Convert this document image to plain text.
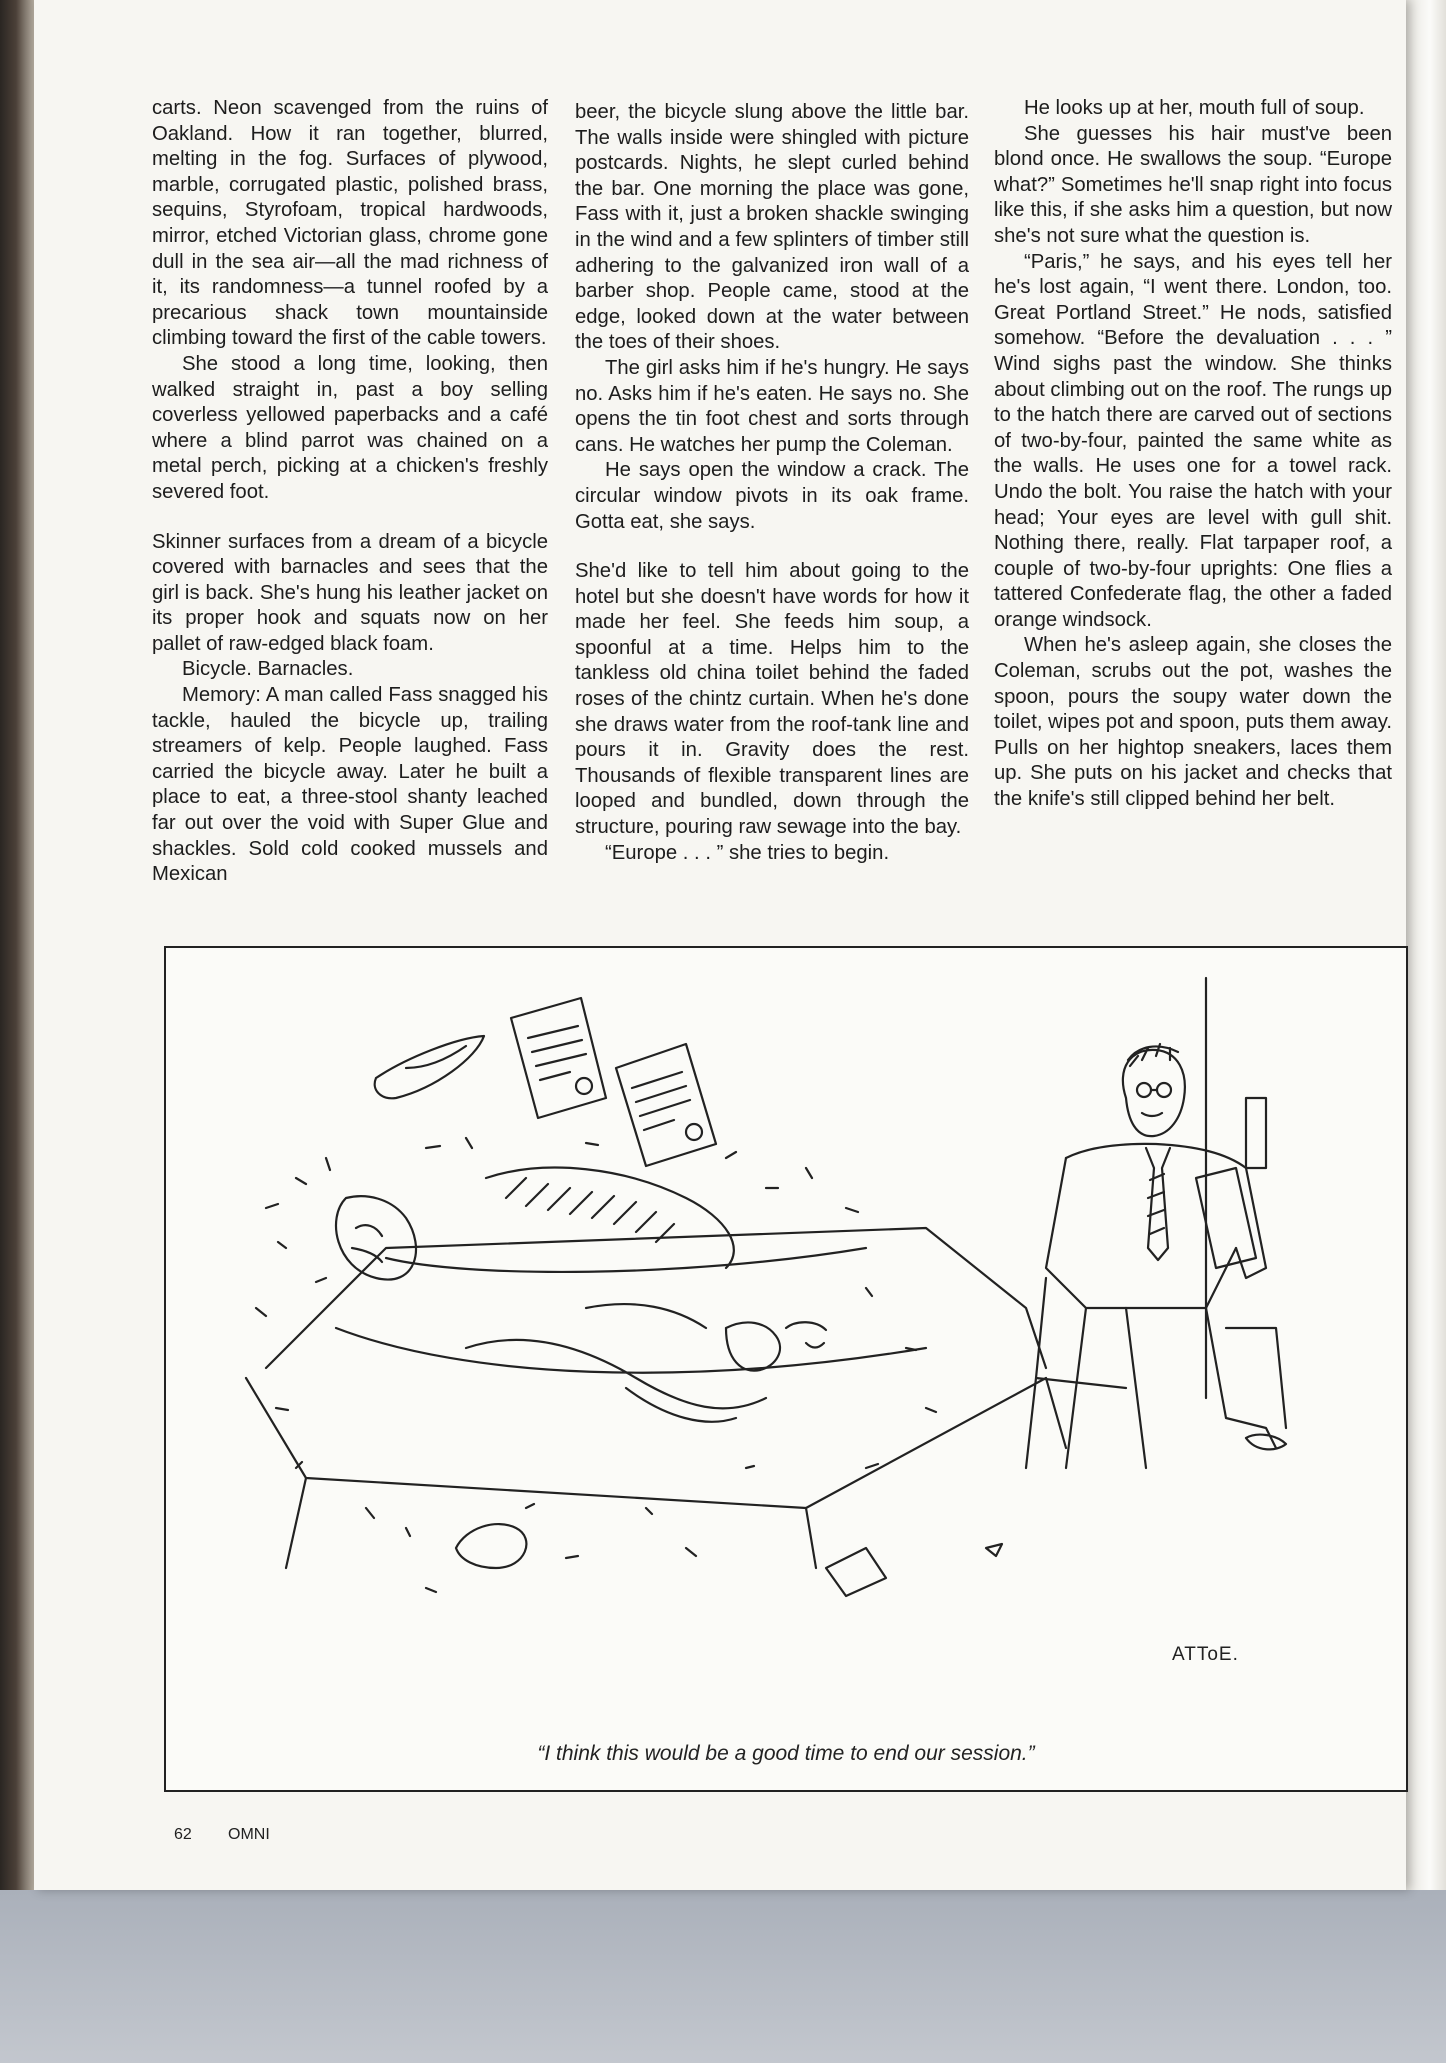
carts. Neon scavenged from the ruins of Oakland. How it ran together, blurred, melting in the fog. Surfaces of plywood, marble, corrugated plastic, polished brass, sequins, Styrofoam, tropical hardwoods, mirror, etched Victorian glass, chrome gone dull in the sea air—all the mad richness of it, its randomness—a tunnel roofed by a precarious shack town mountainside climbing toward the first of the cable towers.

She stood a long time, looking, then walked straight in, past a boy selling coverless yellowed paperbacks and a café where a blind parrot was chained on a metal perch, picking at a chicken's freshly severed foot.

Skinner surfaces from a dream of a bicycle covered with barnacles and sees that the girl is back. She's hung his leather jacket on its proper hook and squats now on her pallet of raw-edged black foam.

Bicycle. Barnacles.

Memory: A man called Fass snagged his tackle, hauled the bicycle up, trailing streamers of kelp. People laughed. Fass carried the bicycle away. Later he built a place to eat, a three-stool shanty leached far out over the void with Super Glue and shackles. Sold cold cooked mussels and Mexican

beer, the bicycle slung above the little bar. The walls inside were shingled with picture postcards. Nights, he slept curled behind the bar. One morning the place was gone, Fass with it, just a broken shackle swinging in the wind and a few splinters of timber still adhering to the galvanized iron wall of a barber shop. People came, stood at the edge, looked down at the water between the toes of their shoes.

The girl asks him if he's hungry. He says no. Asks him if he's eaten. He says no. She opens the tin foot chest and sorts through cans. He watches her pump the Coleman.

He says open the window a crack. The circular window pivots in its oak frame. Gotta eat, she says.

She'd like to tell him about going to the hotel but she doesn't have words for how it made her feel. She feeds him soup, a spoonful at a time. Helps him to the tankless old china toilet behind the faded roses of the chintz curtain. When he's done she draws water from the roof-tank line and pours it in. Gravity does the rest. Thousands of flexible transparent lines are looped and bundled, down through the structure, pouring raw sewage into the bay.

“Europe . . . ” she tries to begin.

He looks up at her, mouth full of soup.

She guesses his hair must've been blond once. He swallows the soup. “Europe what?” Sometimes he'll snap right into focus like this, if she asks him a question, but now she's not sure what the question is.

“Paris,” he says, and his eyes tell her he's lost again, “I went there. London, too. Great Portland Street.” He nods, satisfied somehow. “Before the devaluation . . . ” Wind sighs past the window. She thinks about climbing out on the roof. The rungs up to the hatch there are carved out of sections of two-by-four, painted the same white as the walls. He uses one for a towel rack. Undo the bolt. You raise the hatch with your head; Your eyes are level with gull shit. Nothing there, really. Flat tarpaper roof, a couple of two-by-four uprights: One flies a tattered Confederate flag, the other a faded orange windsock.

When he's asleep again, she closes the Coleman, scrubs out the pot, washes the spoon, pours the soupy water down the toilet, wipes pot and spoon, puts them away. Pulls on her hightop sneakers, laces them up. She puts on his jacket and checks that the knife's still clipped behind her belt.

ATToE.
“I think this would be a good time to end our session.”
62 OMNI
